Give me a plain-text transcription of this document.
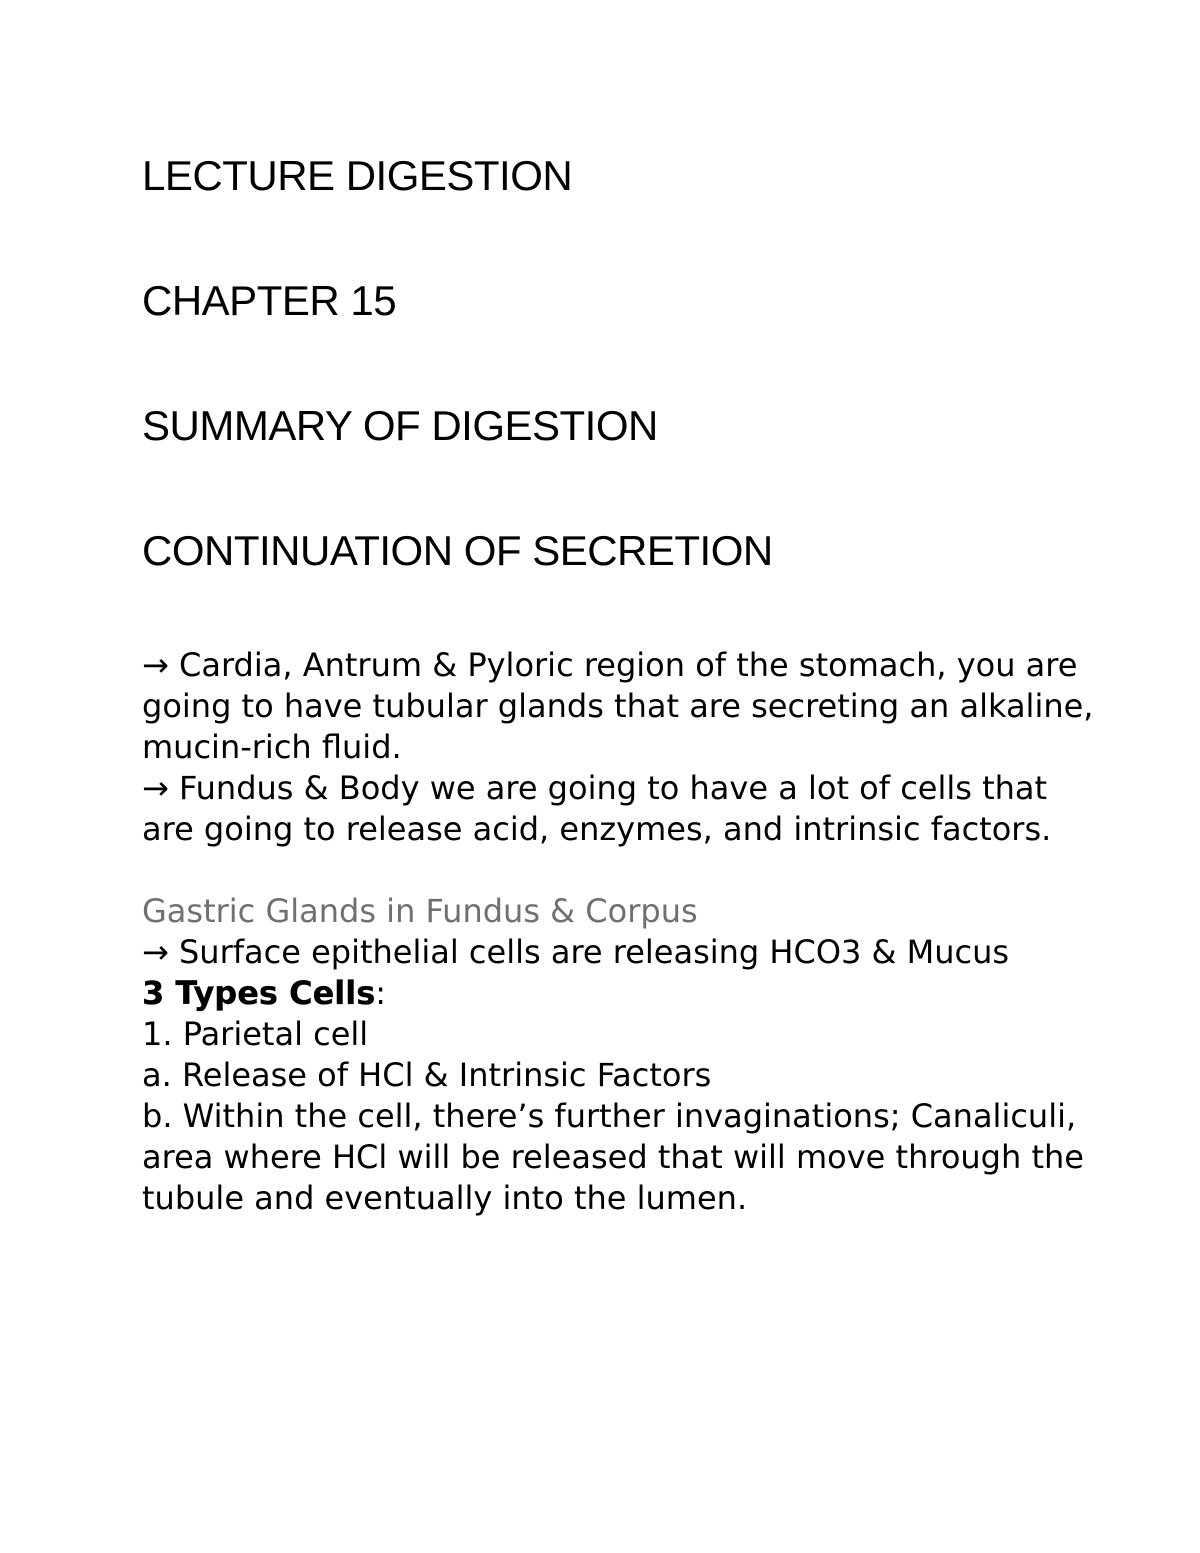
LECTURE DIGESTION
CHAPTER 15
SUMMARY OF DIGESTION
CONTINUATION OF SECRETION

→ Cardia, Antrum & Pyloric region of the stomach, you are going to have tubular glands that are secreting an alkaline, mucin-rich fluid.

→ Fundus & Body we are going to have a lot of cells that are going to release acid, enzymes, and intrinsic factors.

Gastric Glands in Fundus & Corpus

→ Surface epithelial cells are releasing HCO3 & Mucus

3 Types Cells:

1. Parietal cell

a. Release of HCl & Intrinsic Factors

b. Within the cell, there’s further invaginations; Canaliculi, area where HCl will be released that will move through the tubule and eventually into the lumen.
